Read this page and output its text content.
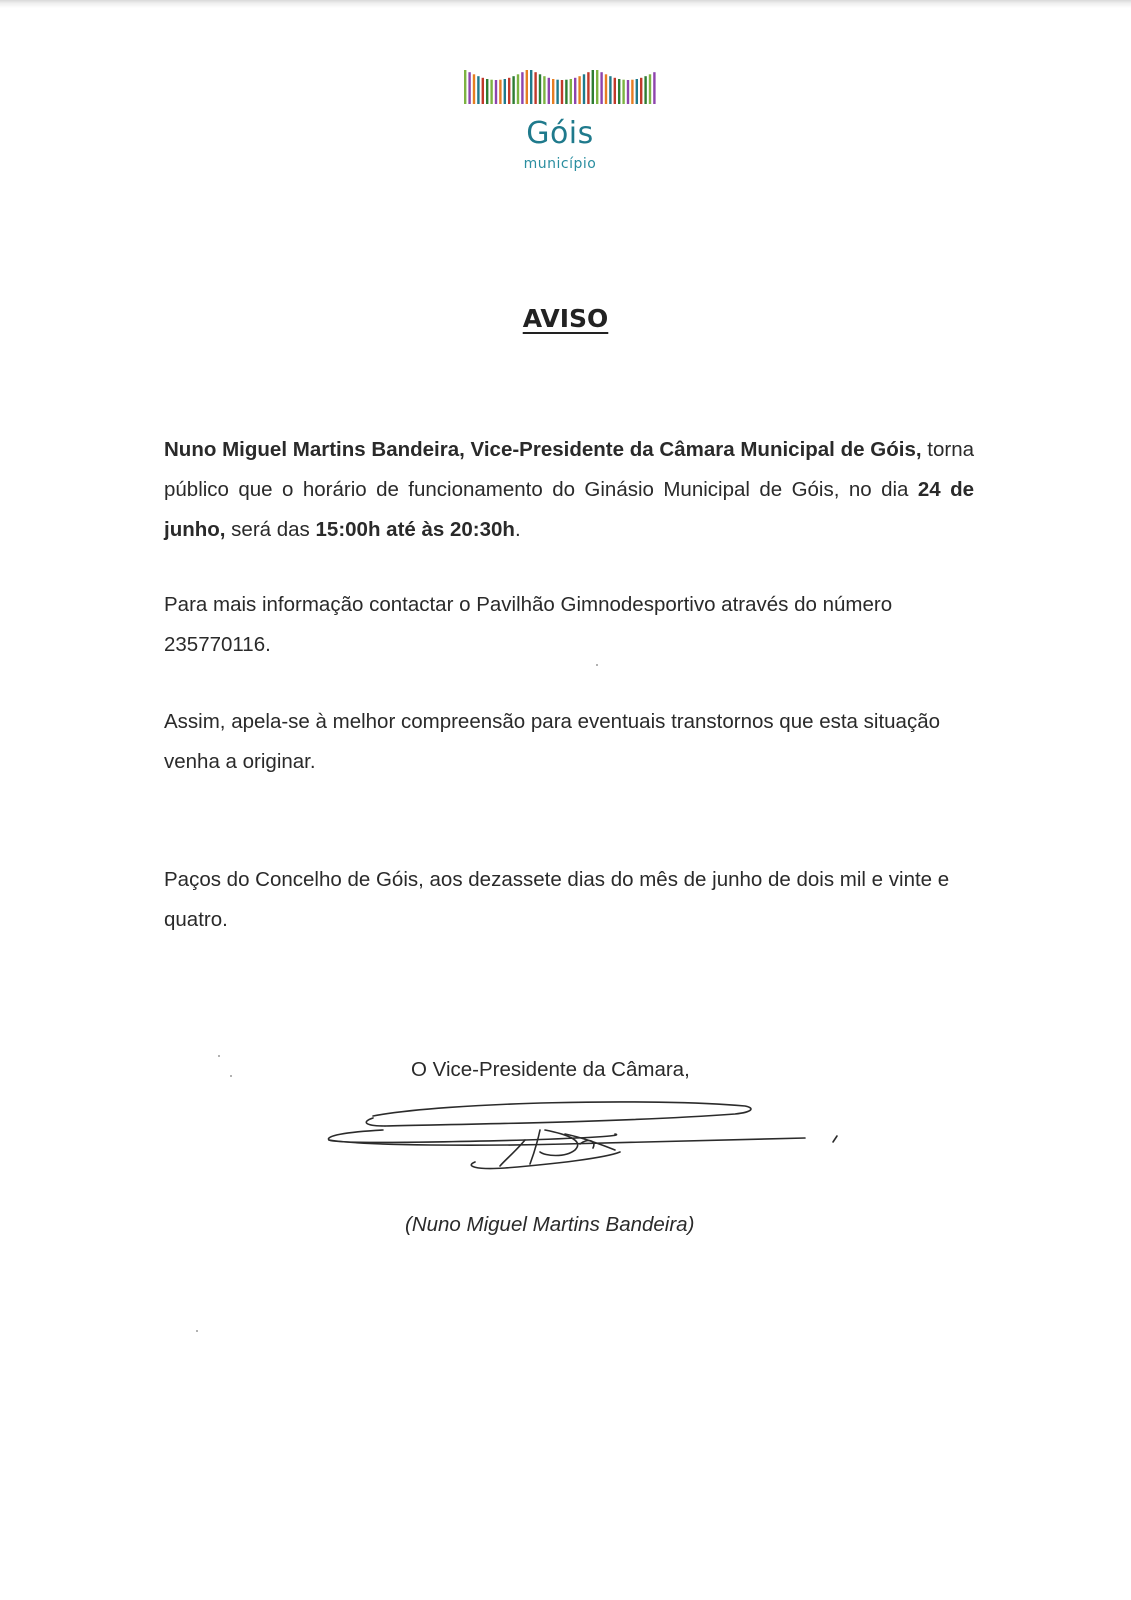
Góis
município
AVISO

Nuno Miguel Martins Bandeira, Vice-Presidente da Câmara Municipal de Góis, torna público que o horário de funcionamento do Ginásio Municipal de Góis, no dia 24 de junho, será das 15:00h até às 20:30h.

Para mais informação contactar o Pavilhão Gimnodesportivo através do número 235770116.

Assim, apela-se à melhor compreensão para eventuais transtornos que esta situação venha a originar.

Paços do Concelho de Góis, aos dezassete dias do mês de junho de dois mil e vinte e quatro.

O Vice-Presidente da Câmara,
(Nuno Miguel Martins Bandeira)
